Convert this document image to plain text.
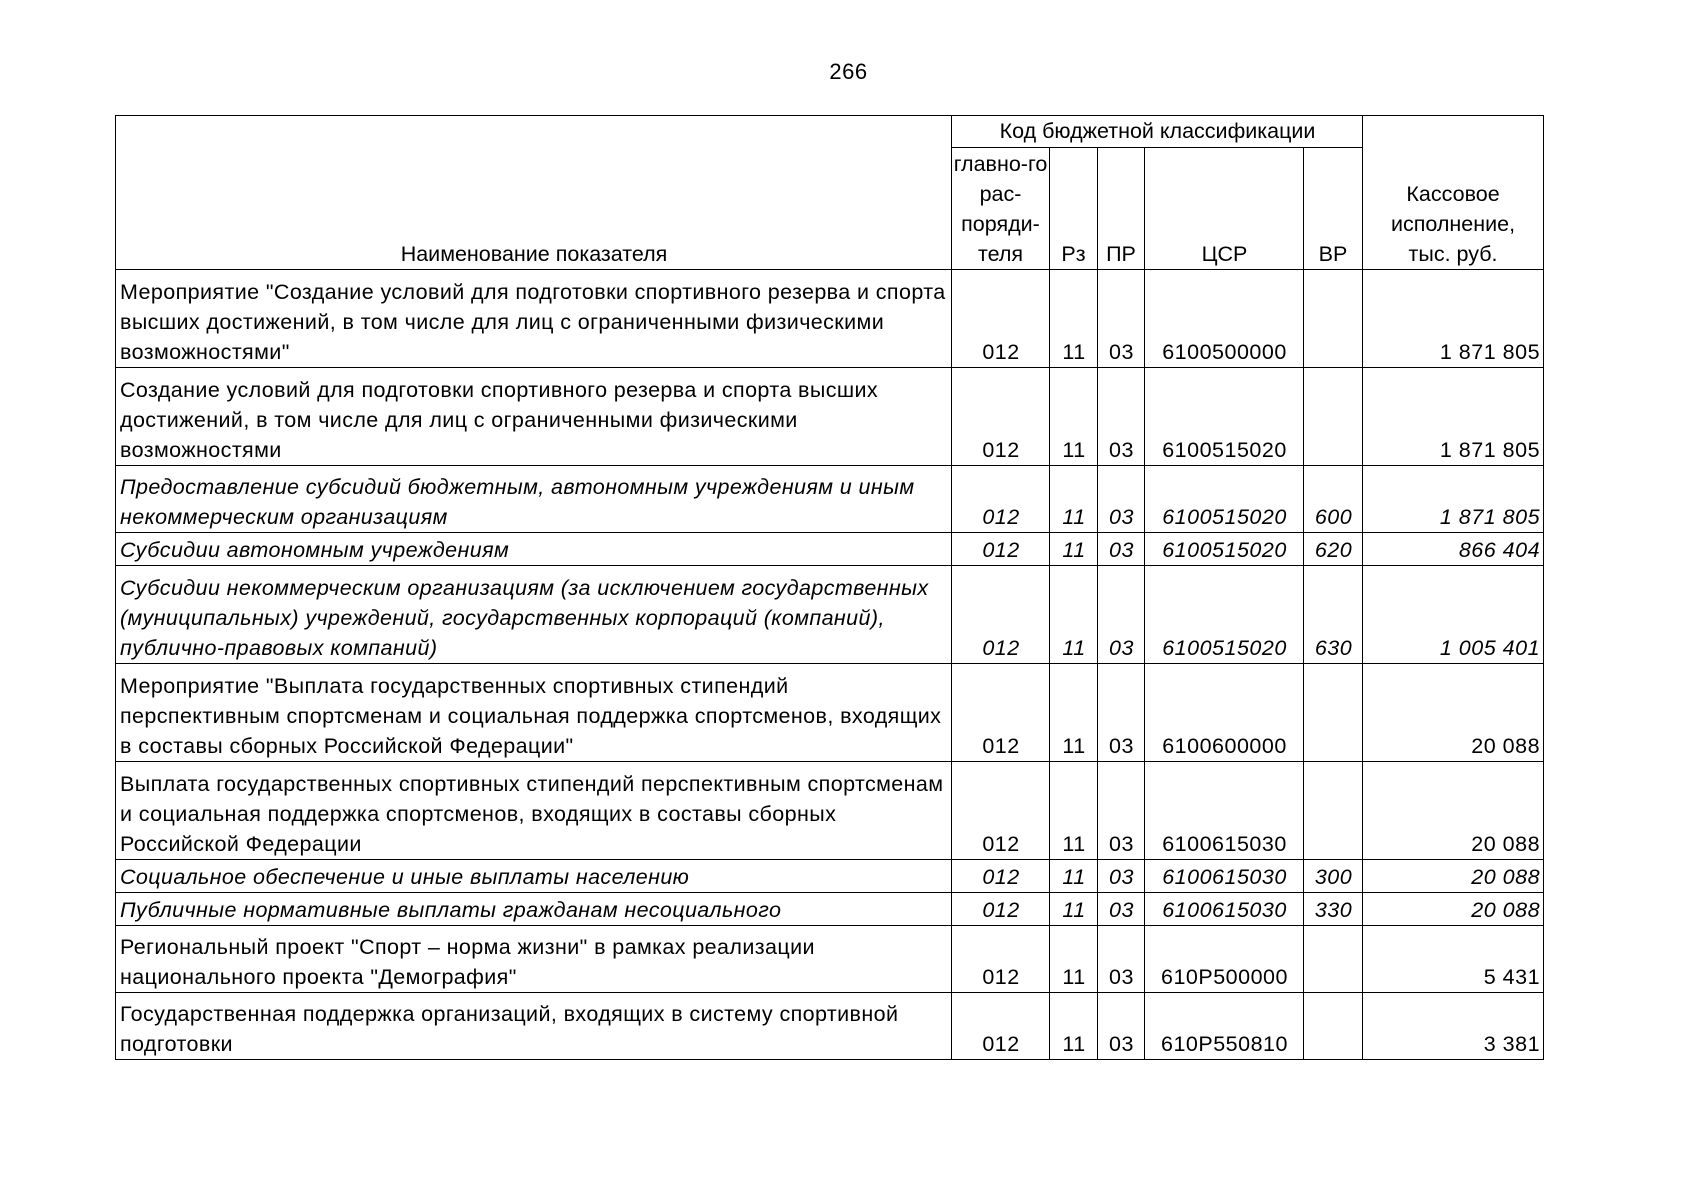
266
Наименование показателя	Код бюджетной классификации					Кассовое исполнение, тыс. руб.
	главно-го рас-поряди-теля	Рз	ПР	ЦСР	ВР	
Мероприятие "Создание условий для подготовки спортивного резерва и спорта высших достижений, в том числе для лиц с ограниченными физическими возможностями"	012	11	03	6100500000		1 871 805
Создание условий для подготовки спортивного резерва и спорта высших достижений, в том числе для лиц с ограниченными физическими возможностями	012	11	03	6100515020		1 871 805
Предоставление субсидий бюджетным, автономным учреждениям и иным некоммерческим организациям	012	11	03	6100515020	600	1 871 805
Субсидии автономным учреждениям	012	11	03	6100515020	620	866 404
Субсидии некоммерческим организациям (за исключением государственных (муниципальных) учреждений, государственных корпораций (компаний), публично-правовых компаний)	012	11	03	6100515020	630	1 005 401
Мероприятие "Выплата государственных спортивных стипендий перспективным спортсменам и социальная поддержка спортсменов, входящих в составы сборных Российской Федерации"	012	11	03	6100600000		20 088
Выплата государственных спортивных стипендий перспективным спортсменам и социальная поддержка спортсменов, входящих в составы сборных Российской Федерации	012	11	03	6100615030		20 088
Социальное обеспечение и иные выплаты населению	012	11	03	6100615030	300	20 088
Публичные нормативные выплаты гражданам несоциального	012	11	03	6100615030	330	20 088
Региональный проект "Спорт – норма жизни" в рамках реализации национального проекта "Демография"	012	11	03	610P500000		5 431
Государственная поддержка организаций, входящих в систему спортивной подготовки	012	11	03	610P550810		3 381
